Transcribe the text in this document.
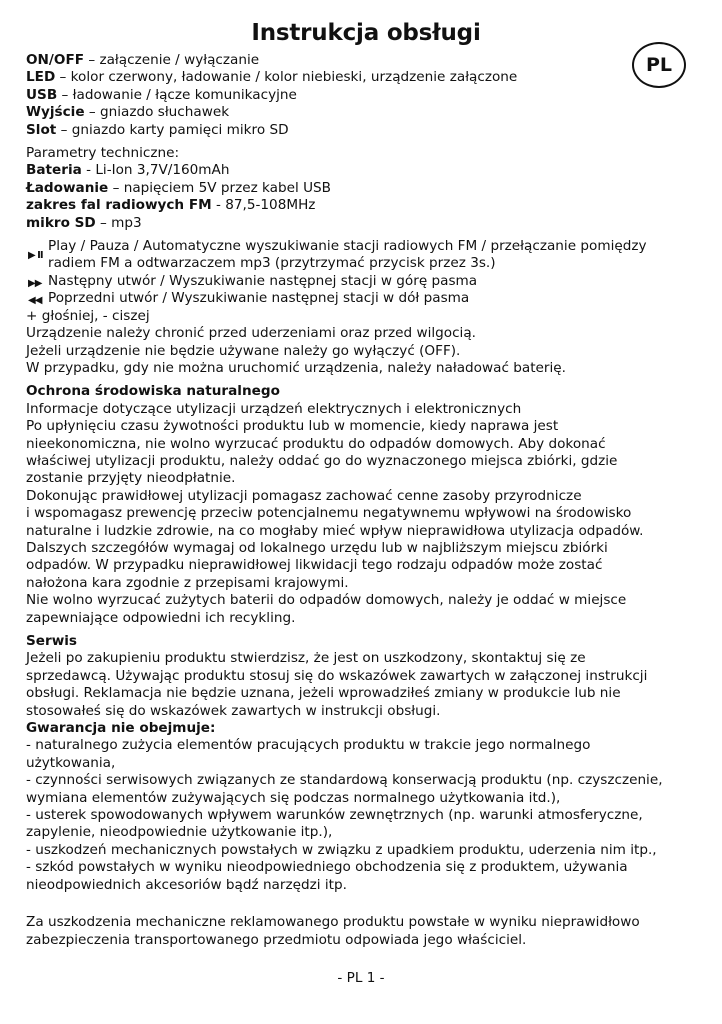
PL
Instrukcja obsługi
ON/OFF – załączenie / wyłączanie
LED – kolor czerwony, ładowanie / kolor niebieski, urządzenie załączone
USB – ładowanie / łącze komunikacyjne
Wyjście – gniazdo słuchawek
Slot – gniazdo karty pamięci mikro SD
Parametry techniczne:
Bateria - Li-Ion 3,7V/160mAh
Ładowanie – napięciem 5V przez kabel USB
zakres fal radiowych FM - 87,5-108MHz
mikro SD – mp3
▶ II
Play / Pauza / Automatyczne wyszukiwanie stacji radiowych FM / przełączanie pomiędzy
radiem FM a odtwarzaczem mp3 (przytrzymać przycisk przez 3s.)
▶▶ Następny utwór / Wyszukiwanie następnej stacji w górę pasma
◀◀ Poprzedni utwór / Wyszukiwanie następnej stacji w dół pasma
+ głośniej, - ciszej
Urządzenie należy chronić przed uderzeniami oraz przed wilgocią.
Jeżeli urządzenie nie będzie używane należy go wyłączyć (OFF).
W przypadku, gdy nie można uruchomić urządzenia, należy naładować baterię.
Ochrona środowiska naturalnego
Informacje dotyczące utylizacji urządzeń elektrycznych i elektronicznych
Po upłynięciu czasu żywotności produktu lub w momencie, kiedy naprawa jest
nieekonomiczna, nie wolno wyrzucać produktu do odpadów domowych. Aby dokonać
właściwej utylizacji produktu, należy oddać go do wyznaczonego miejsca zbiórki, gdzie
zostanie przyjęty nieodpłatnie.
Dokonując prawidłowej utylizacji pomagasz zachować cenne zasoby przyrodnicze
i wspomagasz prewencję przeciw potencjalnemu negatywnemu wpływowi na środowisko
naturalne i ludzkie zdrowie, na co mogłaby mieć wpływ nieprawidłowa utylizacja odpadów.
Dalszych szczegółów wymagaj od lokalnego urzędu lub w najbliższym miejscu zbiórki
odpadów. W przypadku nieprawidłowej likwidacji tego rodzaju odpadów może zostać
nałożona kara zgodnie z przepisami krajowymi.
Nie wolno wyrzucać zużytych baterii do odpadów domowych, należy je oddać w miejsce
zapewniające odpowiedni ich recykling.
Serwis
Jeżeli po zakupieniu produktu stwierdzisz, że jest on uszkodzony, skontaktuj się ze
sprzedawcą. Używając produktu stosuj się do wskazówek zawartych w załączonej instrukcji
obsługi. Reklamacja nie będzie uznana, jeżeli wprowadziłeś zmiany w produkcie lub nie
stosowałeś się do wskazówek zawartych w instrukcji obsługi.
Gwarancja nie obejmuje:
- naturalnego zużycia elementów pracujących produktu w trakcie jego normalnego
użytkowania,
- czynności serwisowych związanych ze standardową konserwacją produktu (np. czyszczenie,
wymiana elementów zużywających się podczas normalnego użytkowania itd.),
- usterek spowodowanych wpływem warunków zewnętrznych (np. warunki atmosferyczne,
zapylenie, nieodpowiednie użytkowanie itp.),
- uszkodzeń mechanicznych powstałych w związku z upadkiem produktu, uderzenia nim itp.,
- szkód powstałych w wyniku nieodpowiedniego obchodzenia się z produktem, używania
nieodpowiednich akcesoriów bądź narzędzi itp.
Za uszkodzenia mechaniczne reklamowanego produktu powstałe w wyniku nieprawidłowo
zabezpieczenia transportowanego przedmiotu odpowiada jego właściciel.
- PL 1 -
